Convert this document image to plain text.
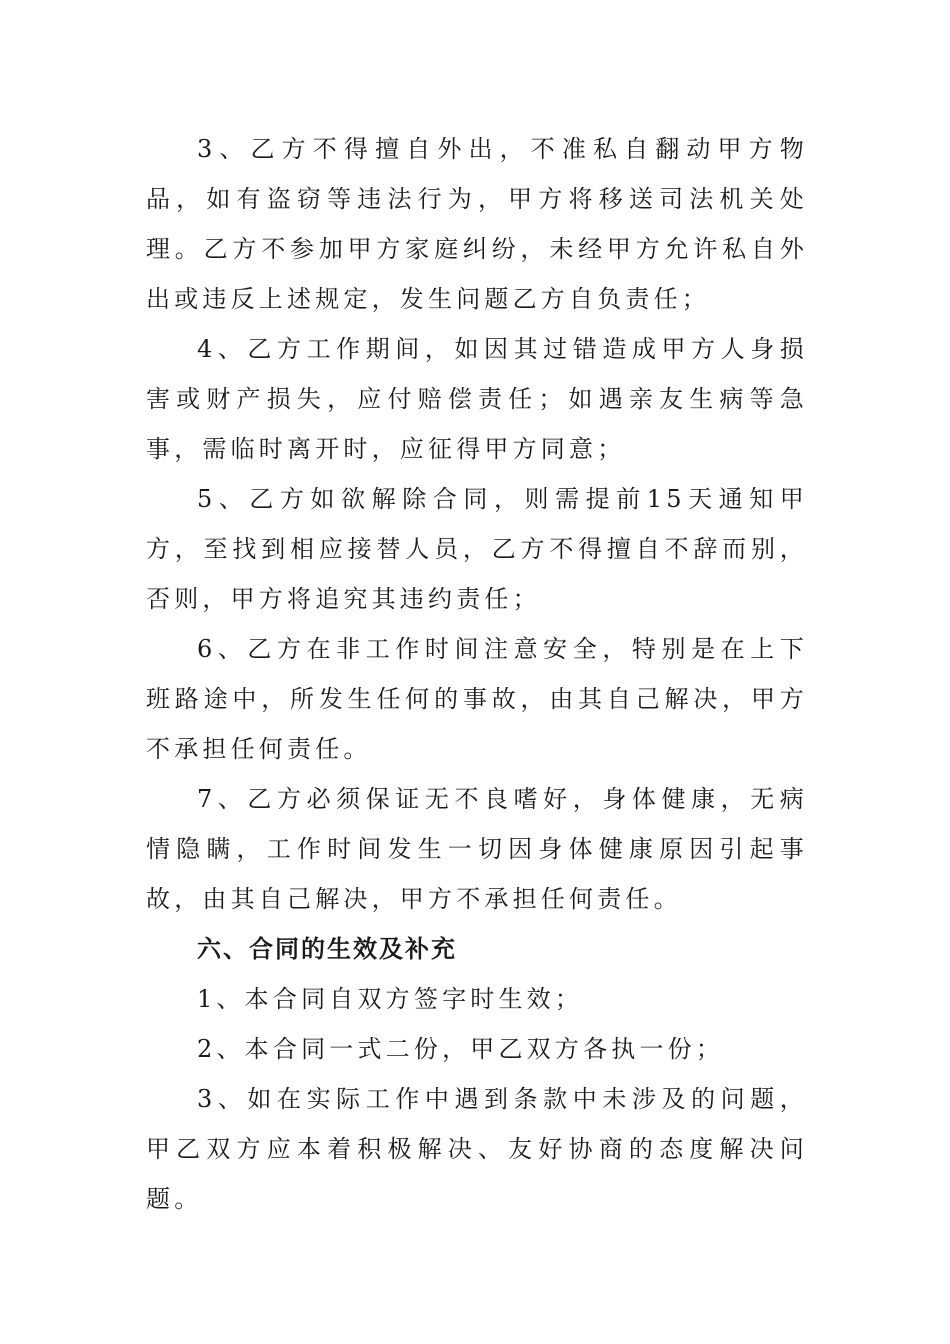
3、乙方不得擅自外出，不准私自翻动甲方物品，如有盗窃等违法行为，甲方将移送司法机关处理。乙方不参加甲方家庭纠纷，未经甲方允许私自外出或违反上述规定，发生问题乙方自负责任；

4、乙方工作期间，如因其过错造成甲方人身损害或财产损失，应付赔偿责任；如遇亲友生病等急事，需临时离开时，应征得甲方同意；

5、乙方如欲解除合同，则需提前15天通知甲方，至找到相应接替人员，乙方不得擅自不辞而别，否则，甲方将追究其违约责任；

6、乙方在非工作时间注意安全，特别是在上下班路途中，所发生任何的事故，由其自己解决，甲方不承担任何责任。

7、乙方必须保证无不良嗜好，身体健康，无病情隐瞒，工作时间发生一切因身体健康原因引起事故，由其自己解决，甲方不承担任何责任。

六、合同的生效及补充

1、本合同自双方签字时生效；

2、本合同一式二份，甲乙双方各执一份；

3、如在实际工作中遇到条款中未涉及的问题，甲乙双方应本着积极解决、友好协商的态度解决问题。
